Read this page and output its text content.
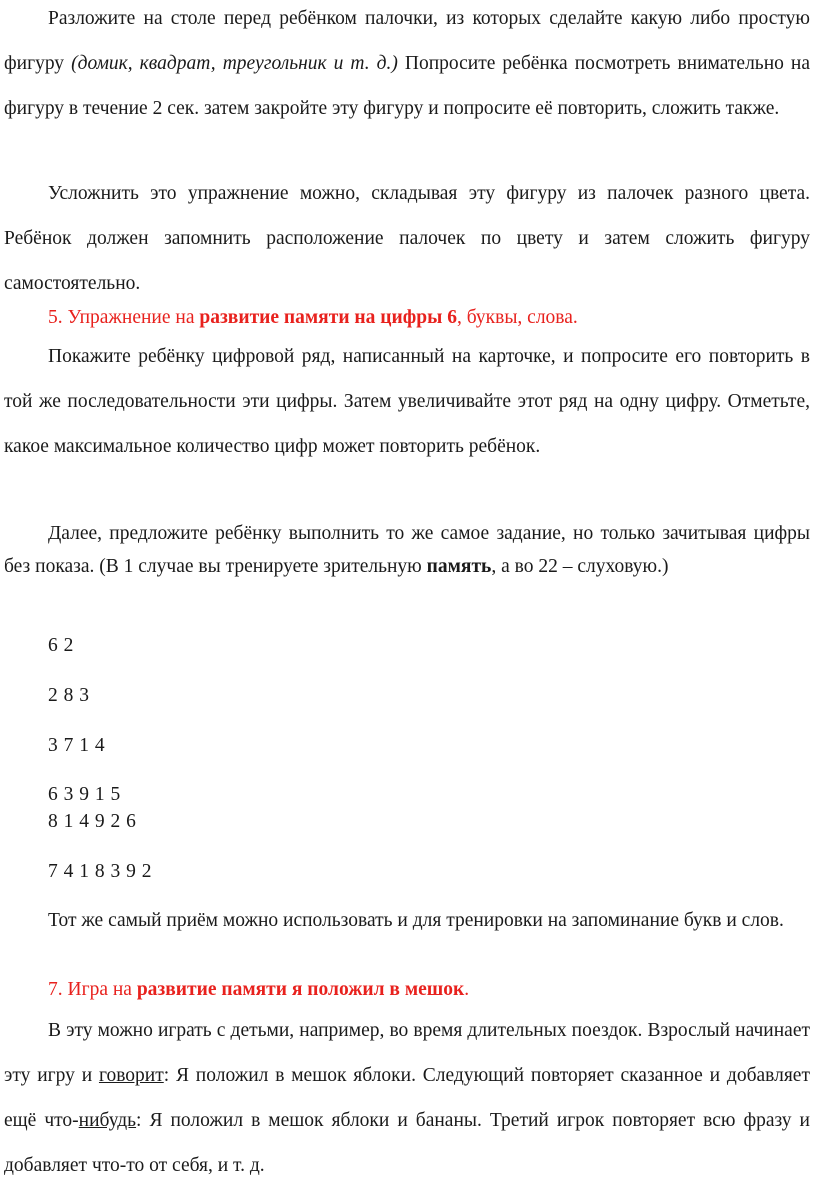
Разложите на столе перед ребёнком палочки, из которых сделайте какую либо простую фигуру (домик, квадрат, треугольник и т. д.) Попросите ребёнка посмотреть внимательно на фигуру в течение 2 сек. затем закройте эту фигуру и попросите её повторить, сложить также.

Усложнить это упражнение можно, складывая эту фигуру из палочек разного цвета. Ребёнок должен запомнить расположение палочек по цвету и затем сложить фигуру самостоятельно.

5. Упражнение на развитие памяти на цифры 6, буквы, слова.

Покажите ребёнку цифровой ряд, написанный на карточке, и попросите его повторить в той же последовательности эти цифры. Затем увеличивайте этот ряд на одну цифру. Отметьте, какое максимальное количество цифр может повторить ребёнок.

Далее, предложите ребёнку выполнить то же самое задание, но только зачитывая цифры без показа. (В 1 случае вы тренируете зрительную память, а во 22 – слуховую.)

6 2

2 8 3

3 7 1 4

6 3 9 1 5

8 1 4 9 2 6

7 4 1 8 3 9 2

Тот же самый приём можно использовать и для тренировки на запоминание букв и слов.

7. Игра на развитие памяти я положил в мешок.

В эту можно играть с детьми, например, во время длительных поездок. Взрослый начинает эту игру и говорит: Я положил в мешок яблоки. Следующий повторяет сказанное и добавляет ещё что-нибудь: Я положил в мешок яблоки и бананы. Третий игрок повторяет всю фразу и добавляет что-то от себя, и т. д.
